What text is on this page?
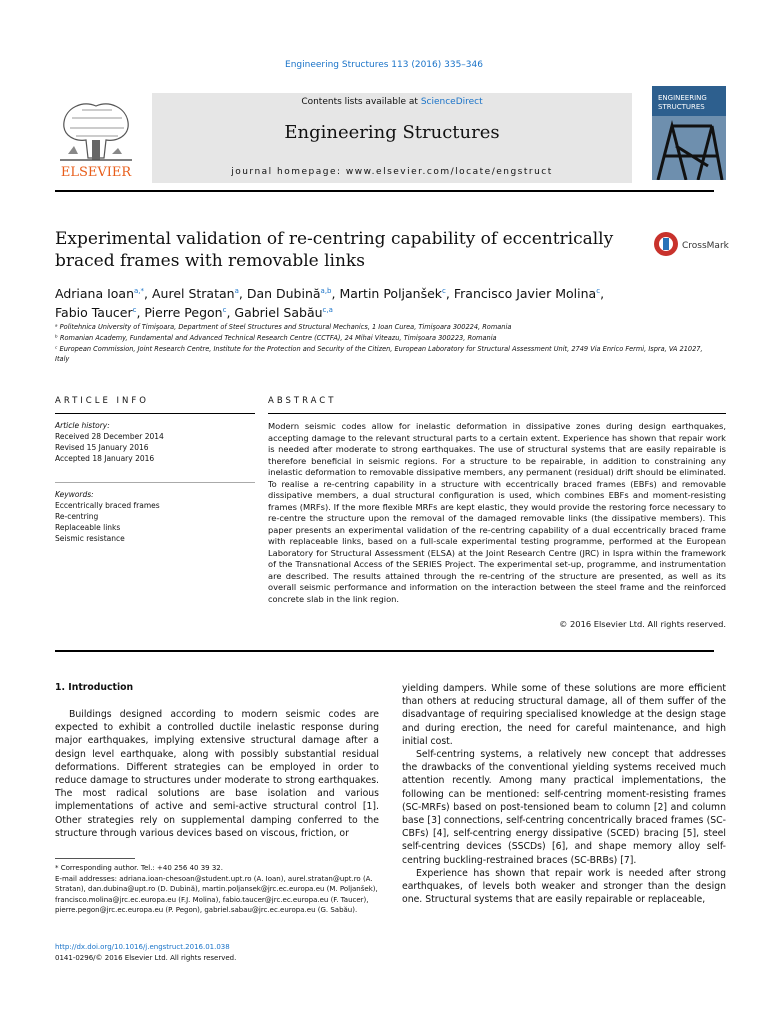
Engineering Structures 113 (2016) 335–346
ELSEVIER
Contents lists available at ScienceDirect
Engineering Structures
journal homepage: www.elsevier.com/locate/engstruct
ENGINEERING
STRUCTURES
Experimental validation of re-centring capability of eccentrically braced frames with removable links
CrossMark
Adriana Ioan$^{a,*}$, Aurel Stratan$^a$, Dan Dubină$^{a,b}$, Martin Poljanšek$^c$, Francisco Javier Molina$^c$,
Fabio Taucer$^c$, Pierre Pegon$^c$, Gabriel Sabău$^{c,a}$
ᵃ Politehnica University of Timişoara, Department of Steel Structures and Structural Mechanics, 1 Ioan Curea, Timişoara 300224, Romania
ᵇ Romanian Academy, Fundamental and Advanced Technical Research Centre (CCTFA), 24 Mihai Viteazu, Timişoara 300223, Romania
ᶜ European Commission, Joint Research Centre, Institute for the Protection and Security of the Citizen, European Laboratory for Structural Assessment Unit, 2749 Via Enrico Fermi, Ispra, VA 21027, Italy
ARTICLE INFO
Article history:
Received 28 December 2014
Revised 15 January 2016
Accepted 18 January 2016
Keywords:
Eccentrically braced frames
Re-centring
Replaceable links
Seismic resistance
ABSTRACT
Modern seismic codes allow for inelastic deformation in dissipative zones during design earthquakes, accepting damage to the relevant structural parts to a certain extent. Experience has shown that repair work is needed after moderate to strong earthquakes. The use of structural systems that are easily repairable is therefore beneficial in seismic regions. For a structure to be repairable, in addition to constraining any inelastic deformation to removable dissipative members, any permanent (residual) drift should be eliminated. To realise a re-centring capability in a structure with eccentrically braced frames (EBFs) and removable dissipative members, a dual structural configuration is used, which combines EBFs and moment-resisting frames (MRFs). If the more flexible MRFs are kept elastic, they would provide the restoring force necessary to re-centre the structure upon the removal of the damaged removable links (the dissipative members). This paper presents an experimental validation of the re-centring capability of a dual eccentrically braced frame with replaceable links, based on a full-scale experimental testing programme, performed at the European Laboratory for Structural Assessment (ELSA) at the Joint Research Centre (JRC) in Ispra within the framework of the Transnational Access of the SERIES Project. The experimental set-up, programme, and instrumentation are described. The results attained through the re-centring of the structure are presented, as well as its overall seismic performance and information on the interaction between the steel frame and the reinforced concrete slab in the link region.
© 2016 Elsevier Ltd. All rights reserved.
1. Introduction

Buildings designed according to modern seismic codes are expected to exhibit a controlled ductile inelastic response during major earthquakes, implying extensive structural damage after a design level earthquake, along with possibly substantial residual deformations. Different strategies can be employed in order to reduce damage to structures under moderate to strong earthquakes. The most radical solutions are base isolation and various implementations of active and semi-active structural control [1]. Other strategies rely on supplemental damping conferred to the structure through various devices based on viscous, friction, or

yielding dampers. While some of these solutions are more efficient than others at reducing structural damage, all of them suffer of the disadvantage of requiring specialised knowledge at the design stage and during erection, the need for careful maintenance, and high initial cost.

Self-centring systems, a relatively new concept that addresses the drawbacks of the conventional yielding systems received much attention recently. Among many practical implementations, the following can be mentioned: self-centring moment-resisting frames (SC-MRFs) based on post-tensioned beam to column [2] and column base [3] connections, self-centring concentrically braced frames (SC-CBFs) [4], self-centring energy dissipative (SCED) bracing [5], steel self-centring devices (SSCDs) [6], and shape memory alloy self-centring buckling-restrained braces (SC-BRBs) [7].

Experience has shown that repair work is needed after strong earthquakes, of levels both weaker and stronger than the design one. Structural systems that are easily repairable or replaceable,

* Corresponding author. Tel.: +40 256 40 39 32.
E-mail addresses: adriana.ioan-chesoan@student.upt.ro (A. Ioan), aurel.stratan@upt.ro (A. Stratan), dan.dubina@upt.ro (D. Dubină), martin.poljansek@jrc.ec.europa.eu (M. Poljanšek), francisco.molina@jrc.ec.europa.eu (F.J. Molina), fabio.taucer@jrc.ec.europa.eu (F. Taucer), pierre.pegon@jrc.ec.europa.eu (P. Pegon), gabriel.sabau@jrc.ec.europa.eu (G. Sabău).
http://dx.doi.org/10.1016/j.engstruct.2016.01.038
0141-0296/© 2016 Elsevier Ltd. All rights reserved.
